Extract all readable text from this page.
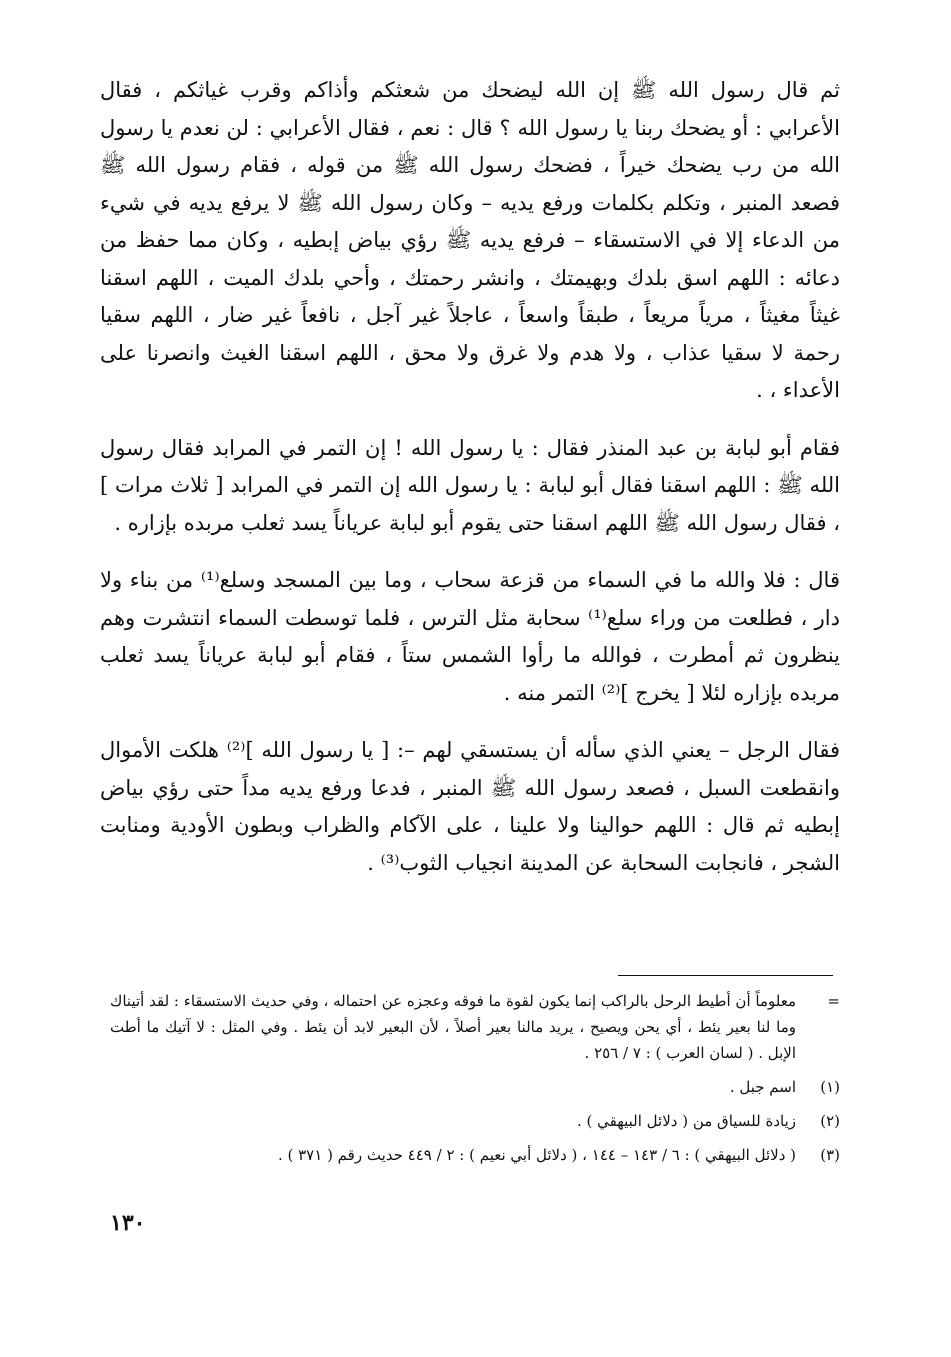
ثم قال رسول الله ﷺ إن الله ليضحك من شعثكم وأذاكم وقرب غياثكم ، فقال الأعرابي : أو يضحك ربنا يا رسول الله ؟ قال : نعم ، فقال الأعرابي : لن نعدم يا رسول الله من رب يضحك خيراً ، فضحك رسول الله ﷺ من قوله ، فقام رسول الله ﷺ فصعد المنبر ، وتكلم بكلمات ورفع يديه – وكان رسول الله ﷺ لا يرفع يديه في شيء من الدعاء إلا في الاستسقاء – فرفع يديه ﷺ رؤي بياض إبطيه ، وكان مما حفظ من دعائه : اللهم اسق بلدك وبهيمتك ، وانشر رحمتك ، وأحي بلدك الميت ، اللهم اسقنا غيثاً مغيثاً ، مرياً مريعاً ، طبقاً واسعاً ، عاجلاً غير آجل ، نافعاً غير ضار ، اللهم سقيا رحمة لا سقيا عذاب ، ولا هدم ولا غرق ولا محق ، اللهم اسقنا الغيث وانصرنا على الأعداء ، .

فقام أبو لبابة بن عبد المنذر فقال : يا رسول الله ! إن التمر في المرابد فقال رسول الله ﷺ : اللهم اسقنا فقال أبو لبابة : يا رسول الله إن التمر في المرابد [ ثلاث مرات ] ، فقال رسول الله ﷺ اللهم اسقنا حتى يقوم أبو لبابة عرياناً يسد ثعلب مربده بإزاره .

قال : فلا والله ما في السماء من قزعة سحاب ، وما بين المسجد وسلع⁽¹⁾ من بناء ولا دار ، فطلعت من وراء سلع⁽¹⁾ سحابة مثل الترس ، فلما توسطت السماء انتشرت وهم ينظرون ثم أمطرت ، فوالله ما رأوا الشمس ستاً ، فقام أبو لبابة عرياناً يسد ثعلب مربده بإزاره لئلا [ يخرج ]⁽²⁾ التمر منه .

فقال الرجل – يعني الذي سأله أن يستسقي لهم –: [ يا رسول الله ]⁽²⁾ هلكت الأموال وانقطعت السبل ، فصعد رسول الله ﷺ المنبر ، فدعا ورفع يديه مداً حتى رؤي بياض إبطيه ثم قال : اللهم حوالينا ولا علينا ، على الآكام والظراب وبطون الأودية ومنابت الشجر ، فانجابت السحابة عن المدينة انجياب الثوب⁽³⁾ .

=
معلوماً أن أطيط الرحل بالراكب إنما يكون لقوة ما فوقه وعجزه عن احتماله ، وفي حديث الاستسقاء : لقد أتيناك وما لنا بعير يئط ، أي يحن ويصيح ، يريد مالنا بعير أصلاً ، لأن البعير لابد أن يئط . وفي المثل : لا آتيك ما أطت الإبل . ( لسان العرب ) : ٧ / ٢٥٦ .
(١)
اسم جبل .
(٢)
زيادة للسياق من ( دلائل البيهقي ) .
(٣)
( دلائل البيهقي ) : ٦ / ١٤٣ – ١٤٤ ، ( دلائل أبي نعيم ) : ٢ / ٤٤٩ حديث رقم ( ٣٧١ ) .
١٣٠
